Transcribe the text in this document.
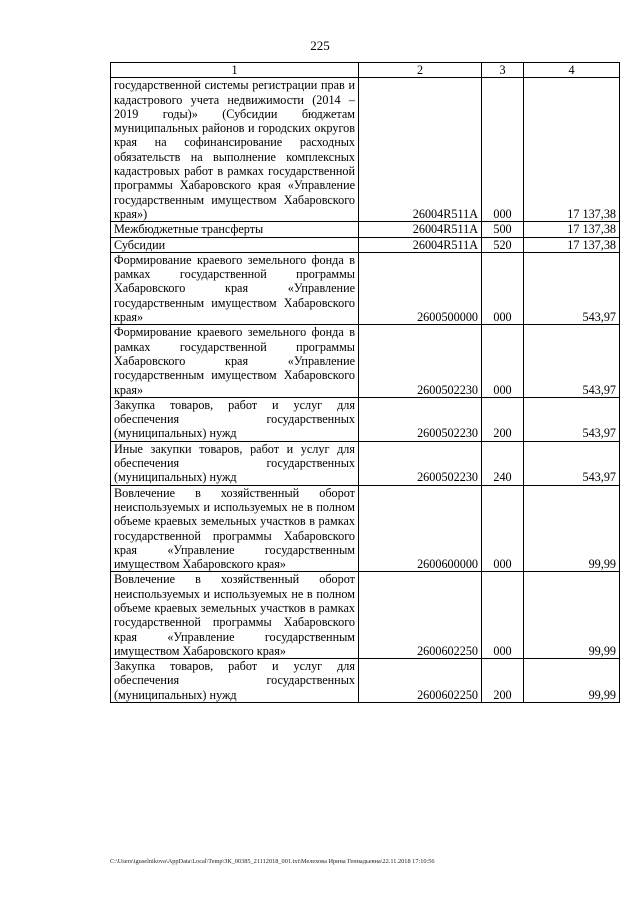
225
1	2	3	4
государственной системы регистрации прав и кадастрового учета недвижимости (2014 – 2019 годы)» (Субсидии бюджетам муниципальных районов и городских округов края на софинансирование расходных обязательств на выполнение комплексных кадастровых работ в рамках государственной программы Хабаровского края «Управление государственным имуществом Хабаровского края»)	26004R511A	000	17 137,38
Межбюджетные трансферты	26004R511A	500	17 137,38
Субсидии	26004R511A	520	17 137,38
Формирование краевого земельного фонда в рамках государственной программы Хабаровского края «Управление государственным имуществом Хабаровского края»	2600500000	000	543,97
Формирование краевого земельного фонда в рамках государственной программы Хабаровского края «Управление государственным имуществом Хабаровского края»	2600502230	000	543,97
Закупка товаров, работ и услуг для обеспечения государственных (муниципальных) нужд	2600502230	200	543,97
Иные закупки товаров, работ и услуг для обеспечения государственных (муниципальных) нужд	2600502230	240	543,97
Вовлечение в хозяйственный оборот неиспользуемых и используемых не в полном объеме краевых земельных участков в рамках государственной программы Хабаровского края «Управление государственным имуществом Хабаровского края»	2600600000	000	99,99
Вовлечение в хозяйственный оборот неиспользуемых и используемых не в полном объеме краевых земельных участков в рамках государственной программы Хабаровского края «Управление государственным имуществом Хабаровского края»	2600602250	000	99,99
Закупка товаров, работ и услуг для обеспечения государственных (муниципальных) нужд	2600602250	200	99,99
C:\Users\iguselnikova\AppData\Local\Temp\ЗК_00385_21112018_001.txt\Мелехова Ирина Геннадьевна\22.11.2018 17:10:56
